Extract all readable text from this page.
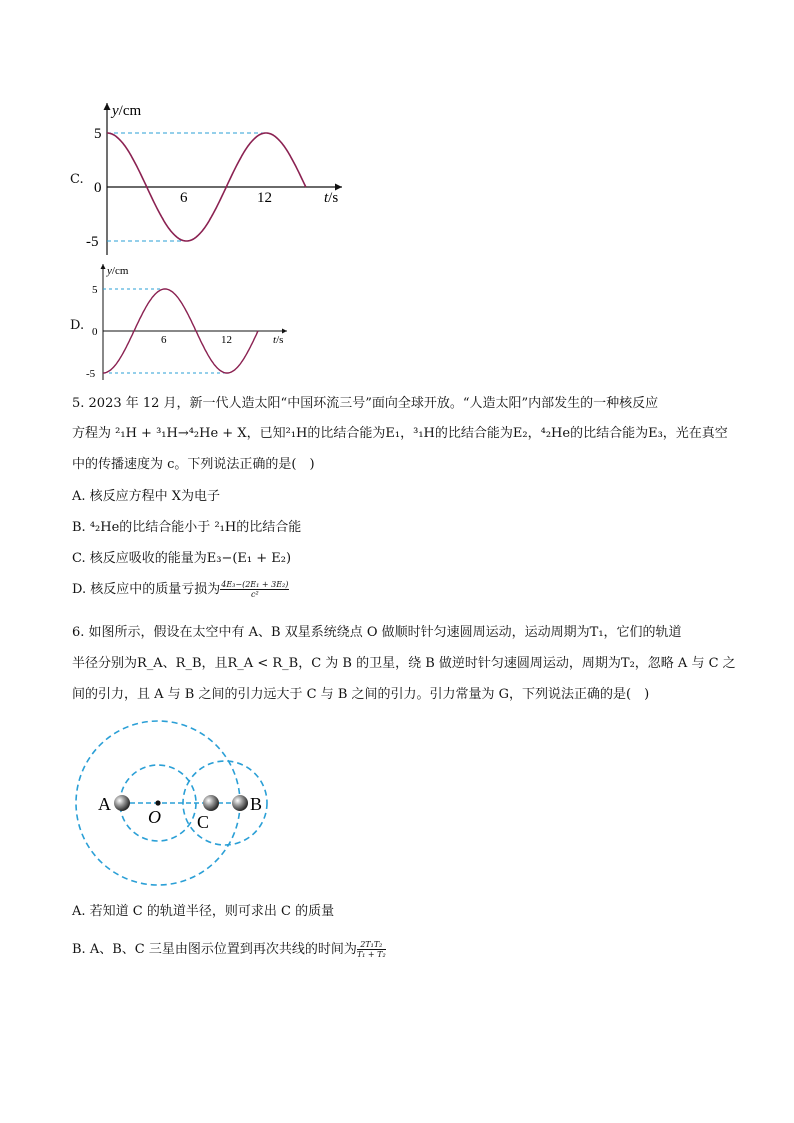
C.
y/cm
t/s
5
0
-5
6	12
D.
y/cm
t/s
5
0
-5
6	12
5. 2023 年 12 月，新一代人造太阳“中国环流三号”面向全球开放。“人造太阳”内部发生的一种核反应
方程为 ²₁H + ³₁H→⁴₂He + X，已知²₁H的比结合能为E₁，³₁H的比结合能为E₂，⁴₂He的比结合能为E₃，光在真空
中的传播速度为 c。下列说法正确的是(　)
A. 核反应方程中 X为电子
B. ⁴₂He的比结合能小于 ²₁H的比结合能
C. 核反应吸收的能量为E₃−(E₁ + E₂)
D. 核反应中的质量亏损为 $\frac{\text{4E₃−(2E₁ + 3E₂)}}{\text{c²}}$
6. 如图所示，假设在太空中有 A、B 双星系统绕点 O 做顺时针匀速圆周运动，运动周期为T₁，它们的轨道
半径分别为R_A、R_B，且R_A < R_B，C 为 B 的卫星，绕 B 做逆时针匀速圆周运动，周期为T₂，忽略 A 与 C 之
间的引力，且 A 与 B 之间的引力远大于 C 与 B 之间的引力。引力常量为 G，下列说法正确的是(　)
A
O C
B
A. 若知道 C 的轨道半径，则可求出 C 的质量
B. A、B、C 三星由图示位置到再次共线的时间为 $\frac{\text{2T₁T₂}}{\text{T₁ + T₂}}$
